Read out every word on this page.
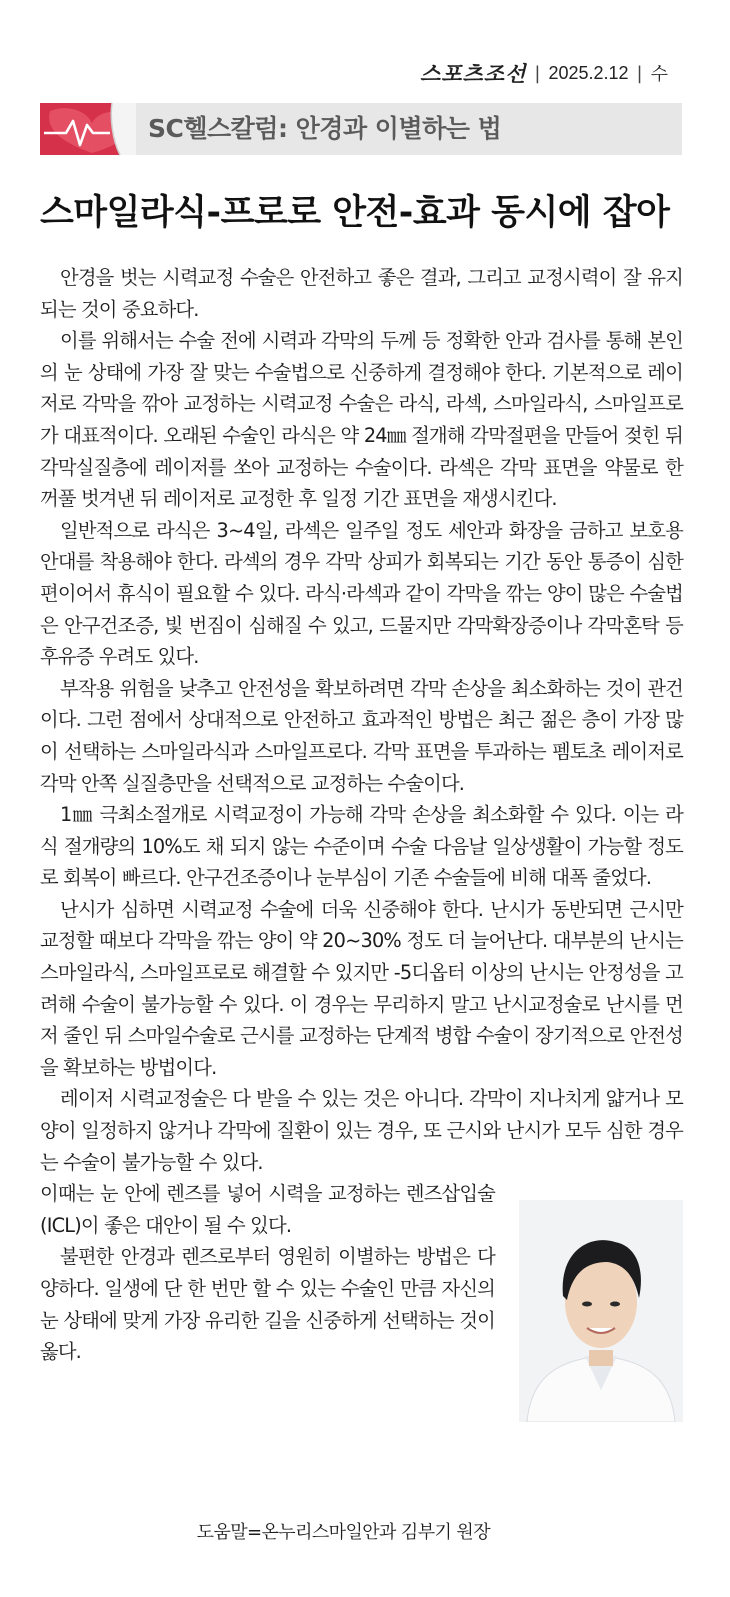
스포츠조선 | 2025.2.12 | 수
SC헬스칼럼: 안경과 이별하는 법
스마일라식-프로로 안전-효과 동시에 잡아

안경을 벗는 시력교정 수술은 안전하고 좋은 결과, 그리고 교정시력이 잘 유지되는 것이 중요하다.

이를 위해서는 수술 전에 시력과 각막의 두께 등 정확한 안과 검사를 통해 본인의 눈 상태에 가장 잘 맞는 수술법으로 신중하게 결정해야 한다. 기본적으로 레이저로 각막을 깎아 교정하는 시력교정 수술은 라식, 라섹, 스마일라식, 스마일프로가 대표적이다. 오래된 수술인 라식은 약 24㎜ 절개해 각막절편을 만들어 젖힌 뒤 각막실질층에 레이저를 쏘아 교정하는 수술이다. 라섹은 각막 표면을 약물로 한 꺼풀 벗겨낸 뒤 레이저로 교정한 후 일정 기간 표면을 재생시킨다.

일반적으로 라식은 3~4일, 라섹은 일주일 정도 세안과 화장을 금하고 보호용 안대를 착용해야 한다. 라섹의 경우 각막 상피가 회복되는 기간 동안 통증이 심한 편이어서 휴식이 필요할 수 있다. 라식·라섹과 같이 각막을 깎는 양이 많은 수술법은 안구건조증, 빛 번짐이 심해질 수 있고, 드물지만 각막확장증이나 각막혼탁 등 후유증 우려도 있다.

부작용 위험을 낮추고 안전성을 확보하려면 각막 손상을 최소화하는 것이 관건이다. 그런 점에서 상대적으로 안전하고 효과적인 방법은 최근 젊은 층이 가장 많이 선택하는 스마일라식과 스마일프로다. 각막 표면을 투과하는 펨토초 레이저로 각막 안쪽 실질층만을 선택적으로 교정하는 수술이다.

1㎜ 극최소절개로 시력교정이 가능해 각막 손상을 최소화할 수 있다. 이는 라식 절개량의 10%도 채 되지 않는 수준이며 수술 다음날 일상생활이 가능할 정도로 회복이 빠르다. 안구건조증이나 눈부심이 기존 수술들에 비해 대폭 줄었다.

난시가 심하면 시력교정 수술에 더욱 신중해야 한다. 난시가 동반되면 근시만 교정할 때보다 각막을 깎는 양이 약 20~30% 정도 더 늘어난다. 대부분의 난시는 스마일라식, 스마일프로로 해결할 수 있지만 -5디옵터 이상의 난시는 안정성을 고려해 수술이 불가능할 수 있다. 이 경우는 무리하지 말고 난시교정술로 난시를 먼저 줄인 뒤 스마일수술로 근시를 교정하는 단계적 병합 수술이 장기적으로 안전성을 확보하는 방법이다.

레이저 시력교정술은 다 받을 수 있는 것은 아니다. 각막이 지나치게 얇거나 모양이 일정하지 않거나 각막에 질환이 있는 경우, 또 근시와 난시가 모두 심한 경우는 수술이 불가능할 수 있다.

이때는 눈 안에 렌즈를 넣어 시력을 교정하는 렌즈삽입술(ICL)이 좋은 대안이 될 수 있다.

불편한 안경과 렌즈로부터 영원히 이별하는 방법은 다양하다. 일생에 단 한 번만 할 수 있는 수술인 만큼 자신의 눈 상태에 맞게 가장 유리한 길을 신중하게 선택하는 것이 옳다.

도움말=온누리스마일안과 김부기 원장
